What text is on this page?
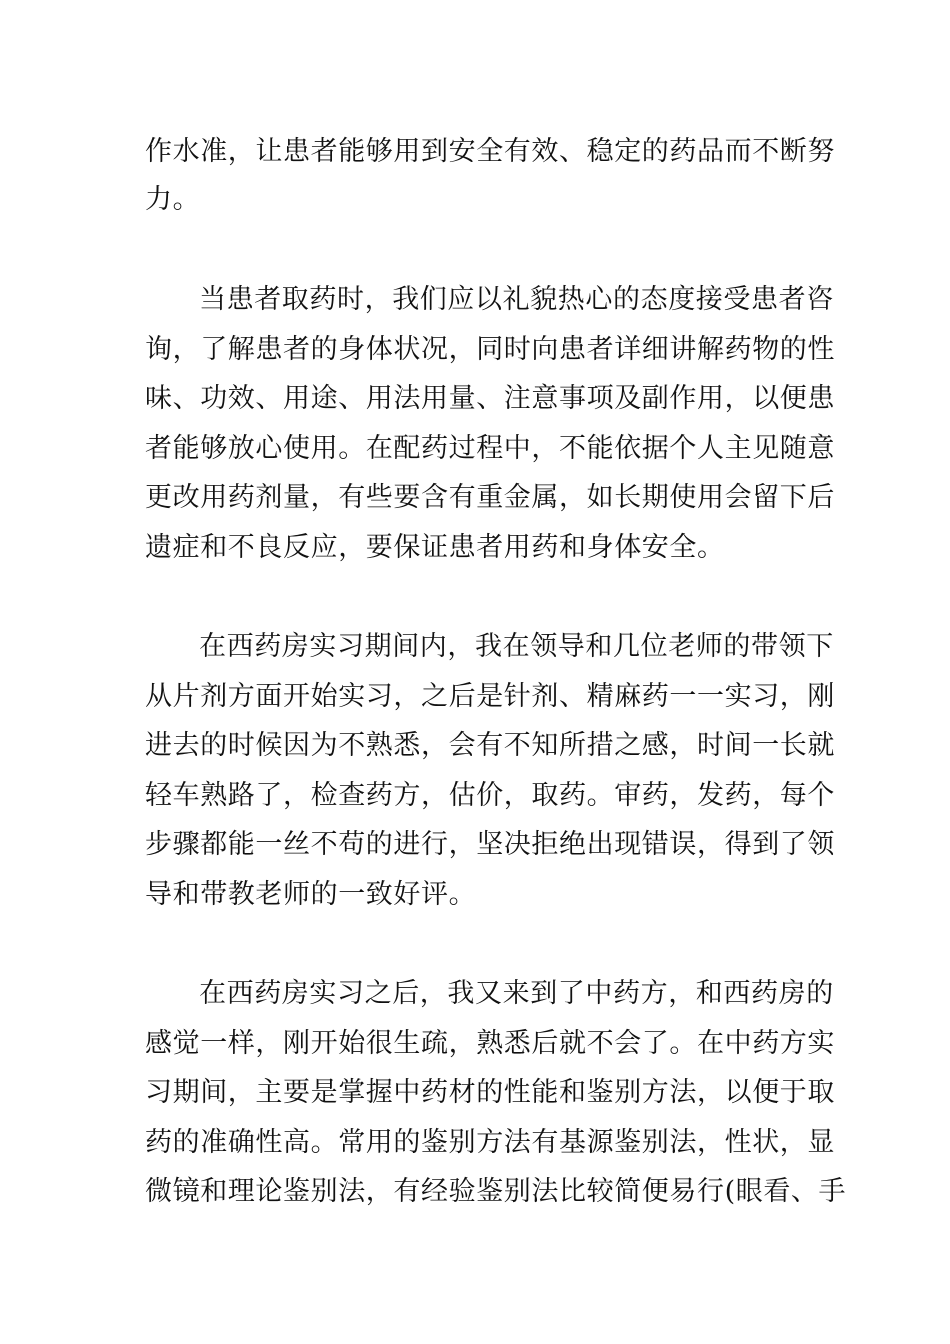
作水准，让患者能够用到安全有效、稳定的药品而不断努
力。
当患者取药时，我们应以礼貌热心的态度接受患者咨
询，了解患者的身体状况，同时向患者详细讲解药物的性
味、功效、用途、用法用量、注意事项及副作用，以便患
者能够放心使用。在配药过程中，不能依据个人主见随意
更改用药剂量，有些要含有重金属，如长期使用会留下后
遗症和不良反应，要保证患者用药和身体安全。
在西药房实习期间内，我在领导和几位老师的带领下
从片剂方面开始实习，之后是针剂、精麻药一一实习，刚
进去的时候因为不熟悉，会有不知所措之感，时间一长就
轻车熟路了，检查药方，估价，取药。审药，发药，每个
步骤都能一丝不苟的进行，坚决拒绝出现错误，得到了领
导和带教老师的一致好评。
在西药房实习之后，我又来到了中药方，和西药房的
感觉一样，刚开始很生疏，熟悉后就不会了。在中药方实
习期间，主要是掌握中药材的性能和鉴别方法，以便于取
药的准确性高。常用的鉴别方法有基源鉴别法，性状，显
微镜和理论鉴别法，有经验鉴别法比较简便易行(眼看、手
